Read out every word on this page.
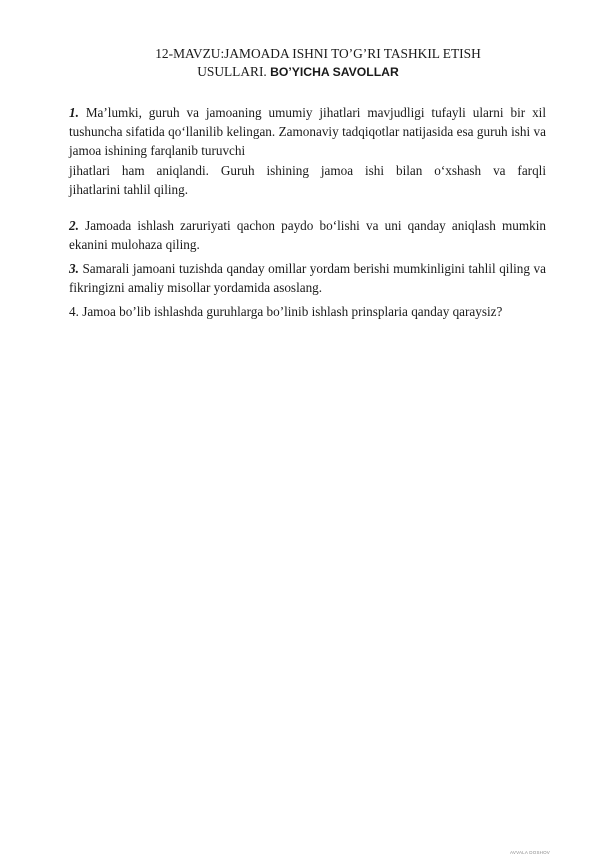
12-MAVZU:JAMOADA ISHNI TO’G’RI TASHKIL ETISH
USULLARI. BO’YICHA SAVOLLAR

1. Ma’lumki, guruh va jamoaning umumiy jihatlari mavjudligi tufayli ularni bir xil tushuncha sifatida qo‘llanilib kelingan. Zamonaviy tadqiqotlar natijasida esa guruh ishi va jamoa ishining farqlanib turuvchi

jihatlari ham aniqlandi. Guruh ishining jamoa ishi bilan o‘xshash va farqli

jihatlarini tahlil qiling.

2. Jamoada ishlash zaruriyati qachon paydo bo‘lishi va uni qanday aniqlash mumkin ekanini mulohaza qiling.

3. Samarali jamoani tuzishda qanday omillar yordam berishi mumkinligini tahlil qiling va fikringizni amaliy misollar yordamida asoslang.

4. Jamoa bo’lib ishlashda guruhlarga bo’linib ishlash prinsplaria qanday qaraysiz?

AVVALA DOSHOV
